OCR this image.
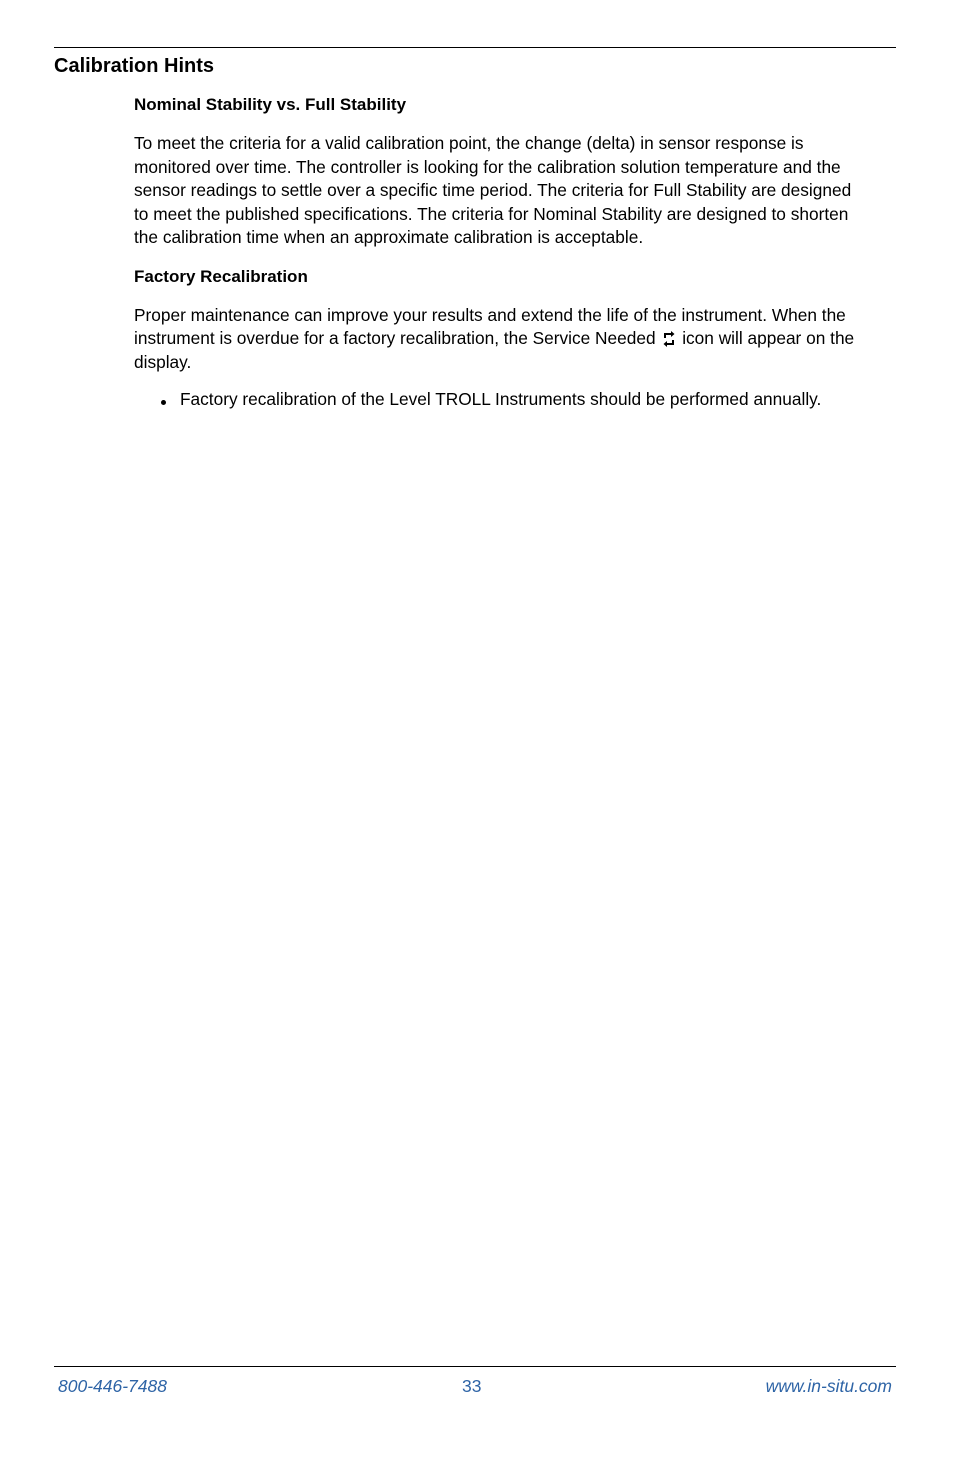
Calibration Hints
Nominal Stability vs. Full Stability

To meet the criteria for a valid calibration point, the change (delta) in sensor response is monitored over time. The controller is looking for the calibration solution temperature and the sensor readings to settle over a specific time period. The criteria for Full Stability are designed to meet the published specifications. The criteria for Nominal Stability are designed to shorten the calibration time when an approximate calibration is acceptable.

Factory Recalibration

Proper maintenance can improve your results and extend the life of the instrument. When the instrument is overdue for a factory recalibration, the Service Needed icon will appear on the display.

Factory recalibration of the Level TROLL Instruments should be performed annually.
800-446-7488	33	www.in-situ.com
